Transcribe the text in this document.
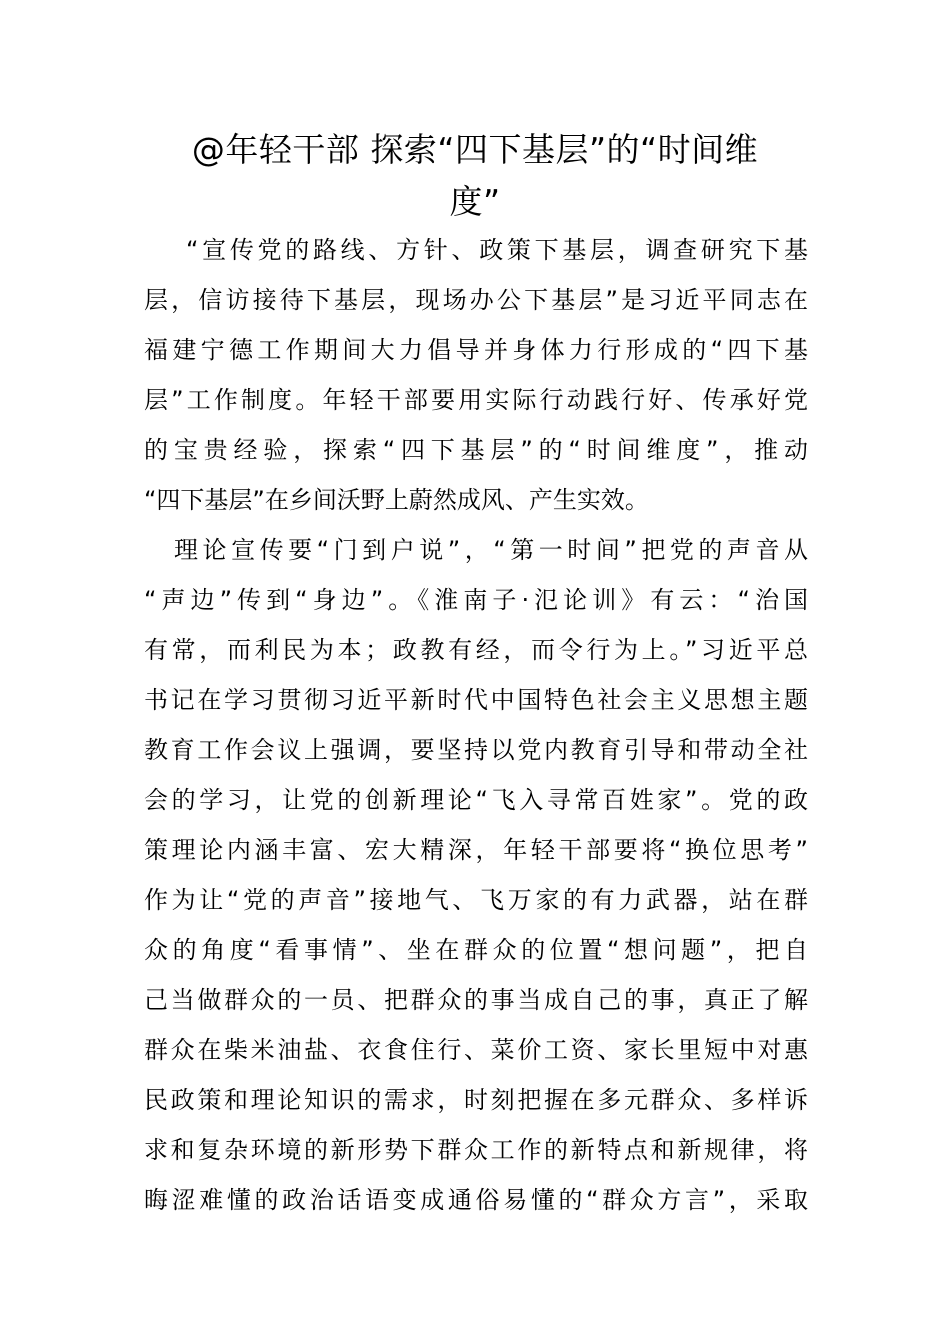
@年轻干部 探索“四下基层”的“时间维
度”
“宣传党的路线、方针、政策下基层，调查研究下基
层，信访接待下基层，现场办公下基层”是习近平同志在
福建宁德工作期间大力倡导并身体力行形成的“四下基
层”工作制度。年轻干部要用实际行动践行好、传承好党
的宝贵经验，探索“四下基层”的“时间维度”，推动
“四下基层”在乡间沃野上蔚然成风、产生实效。
理论宣传要“门到户说”，“第一时间”把党的声音从
“声边”传到“身边”。《淮南子·氾论训》有云：“治国
有常，而利民为本；政教有经，而令行为上。”习近平总
书记在学习贯彻习近平新时代中国特色社会主义思想主题
教育工作会议上强调，要坚持以党内教育引导和带动全社
会的学习，让党的创新理论“飞入寻常百姓家”。党的政
策理论内涵丰富、宏大精深，年轻干部要将“换位思考”
作为让“党的声音”接地气、飞万家的有力武器，站在群
众的角度“看事情”、坐在群众的位置“想问题”，把自
己当做群众的一员、把群众的事当成自己的事，真正了解
群众在柴米油盐、衣食住行、菜价工资、家长里短中对惠
民政策和理论知识的需求，时刻把握在多元群众、多样诉
求和复杂环境的新形势下群众工作的新特点和新规律，将
晦涩难懂的政治话语变成通俗易懂的“群众方言”，采取
